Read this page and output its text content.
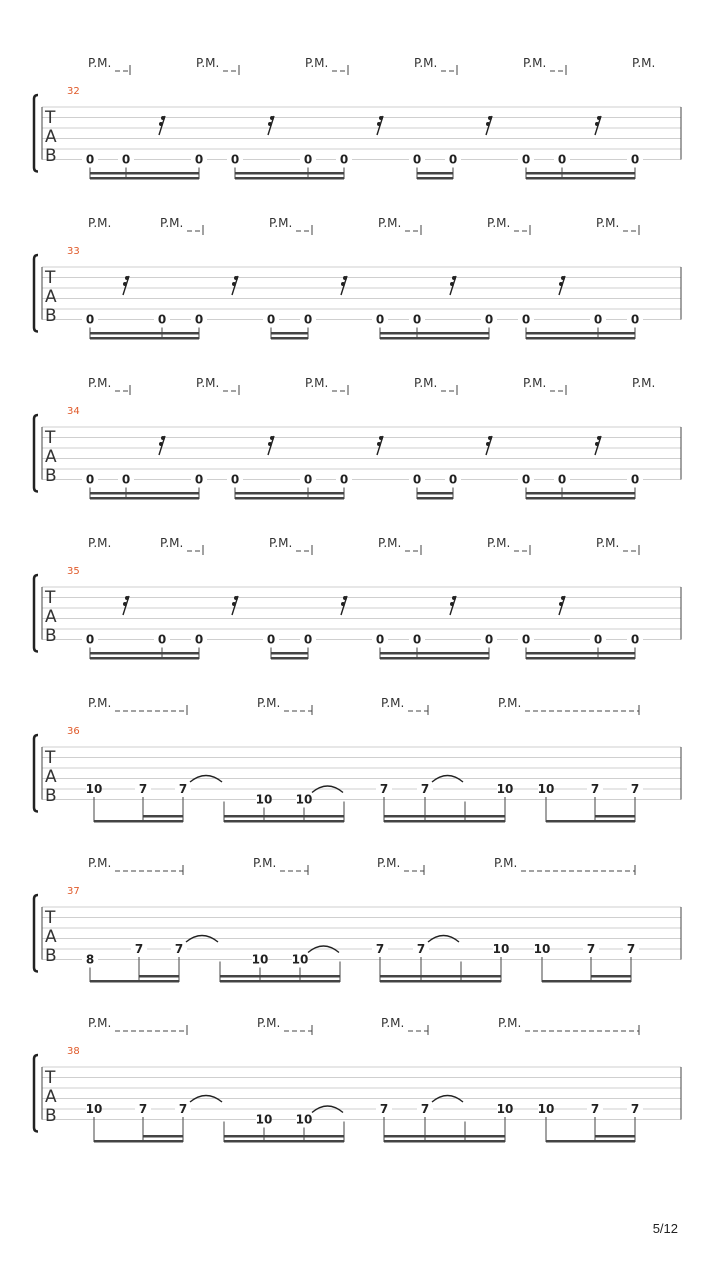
T
A
B
32
P.M.	P.M.	P.M.	P.M.	P.M.	P.M.
0 0	0 0	0 0	0 0	0 0	0
T
A
B
33
P.M.	P.M.	P.M.	P.M.	P.M.	P.M.
0	0 0	0 0	0 0	0 0	0 0
T
A
B
34
P.M.	P.M.	P.M.	P.M.	P.M.	P.M.
0 0	0 0	0 0	0 0	0 0	0
T
A
B
35
P.M.	P.M.	P.M.	P.M.	P.M.	P.M.
0	0 0	0 0	0 0	0 0	0 0
T
A
B
36
P.M.	P.M.	P.M.	P.M.
10	7	7
10 10
7	7	10 10	7	7
T
A
B
37
P.M.	P.M.	P.M.	P.M.
8
7	7
10 10
7	7	10 10	7	7
T
A
B
38
P.M.	P.M.	P.M.	P.M.
10	7	7
10 10
7	7	10 10	7	7
5/12
